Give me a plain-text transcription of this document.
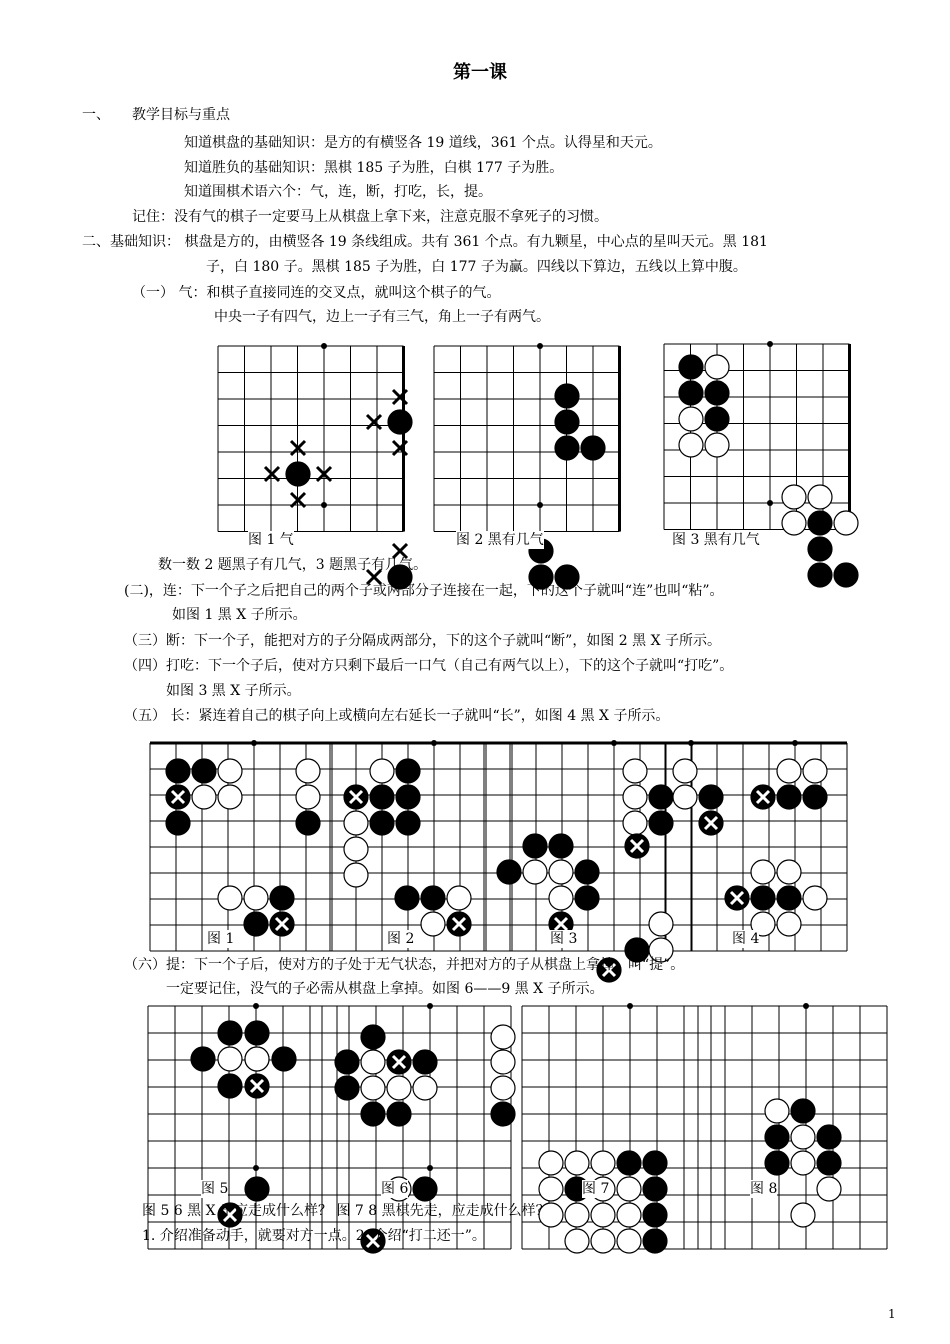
第一课
一、 教学目标与重点
知道棋盘的基础知识：是方的有横竖各 19 道线，361 个点。认得星和天元。
知道胜负的基础知识：黑棋 185 子为胜，白棋 177 子为胜。
知道围棋术语六个：气，连，断，打吃，长，提。
记住：没有气的棋子一定要马上从棋盘上拿下来，注意克服不拿死子的习惯。
二、基础知识： 棋盘是方的，由横竖各 19 条线组成。共有 361 个点。有九颗星，中心点的星叫天元。黑 181
子，白 180 子。黑棋 185 子为胜，白 177 子为赢。四线以下算边，五线以上算中腹。
（一） 气：和棋子直接同连的交叉点，就叫这个棋子的气。
中央一子有四气，边上一子有三气，角上一子有两气。
图 1 气	图 2 黑有几气	图 3 黑有几气
数一数 2 题黑子有几气，3 题黑子有几气。
(二)，连：下一个子之后把自己的两个子或两部分子连接在一起，下的这个子就叫“连”也叫“粘”。
如图 1 黑 X 子所示。
（三）断：下一个子，能把对方的子分隔成两部分，下的这个子就叫“断”，如图 2 黑 X 子所示。
（四）打吃：下一个子后，使对方只剩下最后一口气（自己有两气以上），下的这个子就叫“打吃”。
如图 3 黑 X 子所示。
（五） 长：紧连着自己的棋子向上或横向左右延长一子就叫“长”，如图 4 黑 X 子所示。
图 1	图 2	图 3	图 4
（六）提：下一个子后，使对方的子处于无气状态，并把对方的子从棋盘上拿掉，叫“提”。
一定要记住，没气的子必需从棋盘上拿掉。如图 6——9 黑 X 子所示。
图 5	图 6	图 7	图 8
图 5 6 黑 X 子应走成什么样？ 图 7 8 黑棋先走，应走成什么样？
1. 介绍准备动手，就要对方一点。2. 介绍“打二还一”。
1
